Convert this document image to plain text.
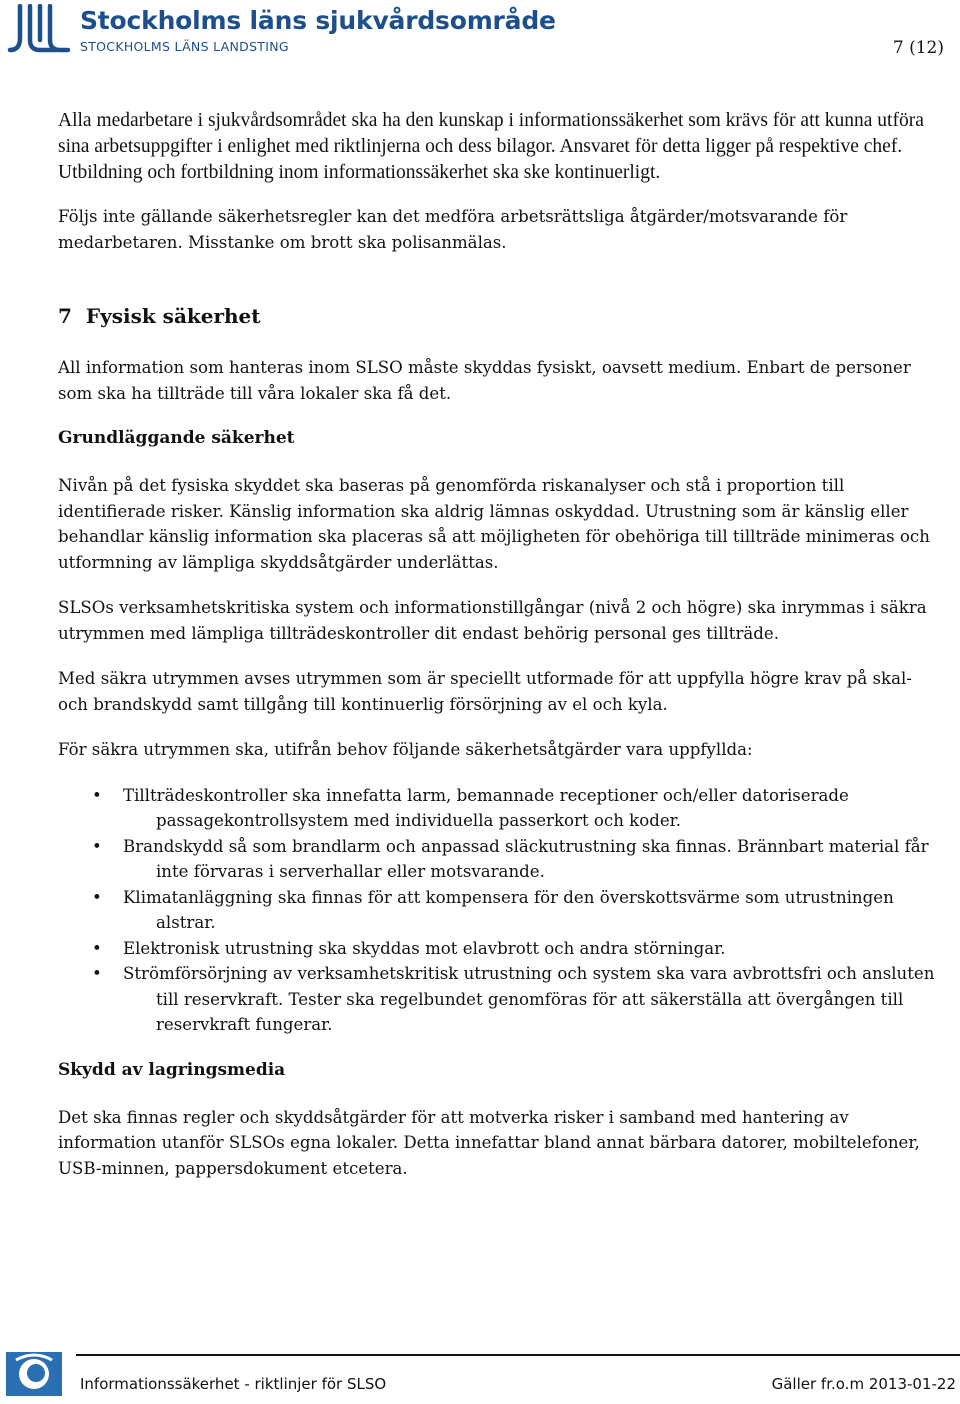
Stockholms läns sjukvårdsområde
STOCKHOLMS LÄNS LANDSTING	7 (12)

Alla medarbetare i sjukvårdsområdet ska ha den kunskap i informationssäkerhet som krävs för att kunna utföra sina arbetsuppgifter i enlighet med riktlinjerna och dess bilagor. Ansvaret för detta ligger på respektive chef. Utbildning och fortbildning inom informationssäkerhet ska ske kontinuerligt.

Följs inte gällande säkerhetsregler kan det medföra arbetsrättsliga åtgärder/motsvarande för medarbetaren. Misstanke om brott ska polisanmälas.

7 Fysisk säkerhet

All information som hanteras inom SLSO måste skyddas fysiskt, oavsett medium. Enbart de personer som ska ha tillträde till våra lokaler ska få det.

Grundläggande säkerhet

Nivån på det fysiska skyddet ska baseras på genomförda riskanalyser och stå i proportion till identifierade risker. Känslig information ska aldrig lämnas oskyddad. Utrustning som är känslig eller behandlar känslig information ska placeras så att möjligheten för obehöriga till tillträde minimeras och utformning av lämpliga skyddsåtgärder underlättas.

SLSOs verksamhetskritiska system och informationstillgångar (nivå 2 och högre) ska inrymmas i säkra utrymmen med lämpliga tillträdeskontroller dit endast behörig personal ges tillträde.

Med säkra utrymmen avses utrymmen som är speciellt utformade för att uppfylla högre krav på skal- och brandskydd samt tillgång till kontinuerlig försörjning av el och kyla.

För säkra utrymmen ska, utifrån behov följande säkerhetsåtgärder vara uppfyllda:

• Tillträdeskontroller ska innefatta larm, bemannade receptioner och/eller datoriserade passagekontrollsystem med individuella passerkort och koder.
• Brandskydd så som brandlarm och anpassad släckutrustning ska finnas. Brännbart material får inte förvaras i serverhallar eller motsvarande.
• Klimatanläggning ska finnas för att kompensera för den överskottsvärme som utrustningen alstrar.
• Elektronisk utrustning ska skyddas mot elavbrott och andra störningar.
• Strömförsörjning av verksamhetskritisk utrustning och system ska vara avbrottsfri och ansluten till reservkraft. Tester ska regelbundet genomföras för att säkerställa att övergången till reservkraft fungerar.
Skydd av lagringsmedia

Det ska finnas regler och skyddsåtgärder för att motverka risker i samband med hantering av information utanför SLSOs egna lokaler. Detta innefattar bland annat bärbara datorer, mobiltelefoner, USB-minnen, pappersdokument etcetera.

Informationssäkerhet - riktlinjer för SLSO	Gäller fr.o.m 2013-01-22
